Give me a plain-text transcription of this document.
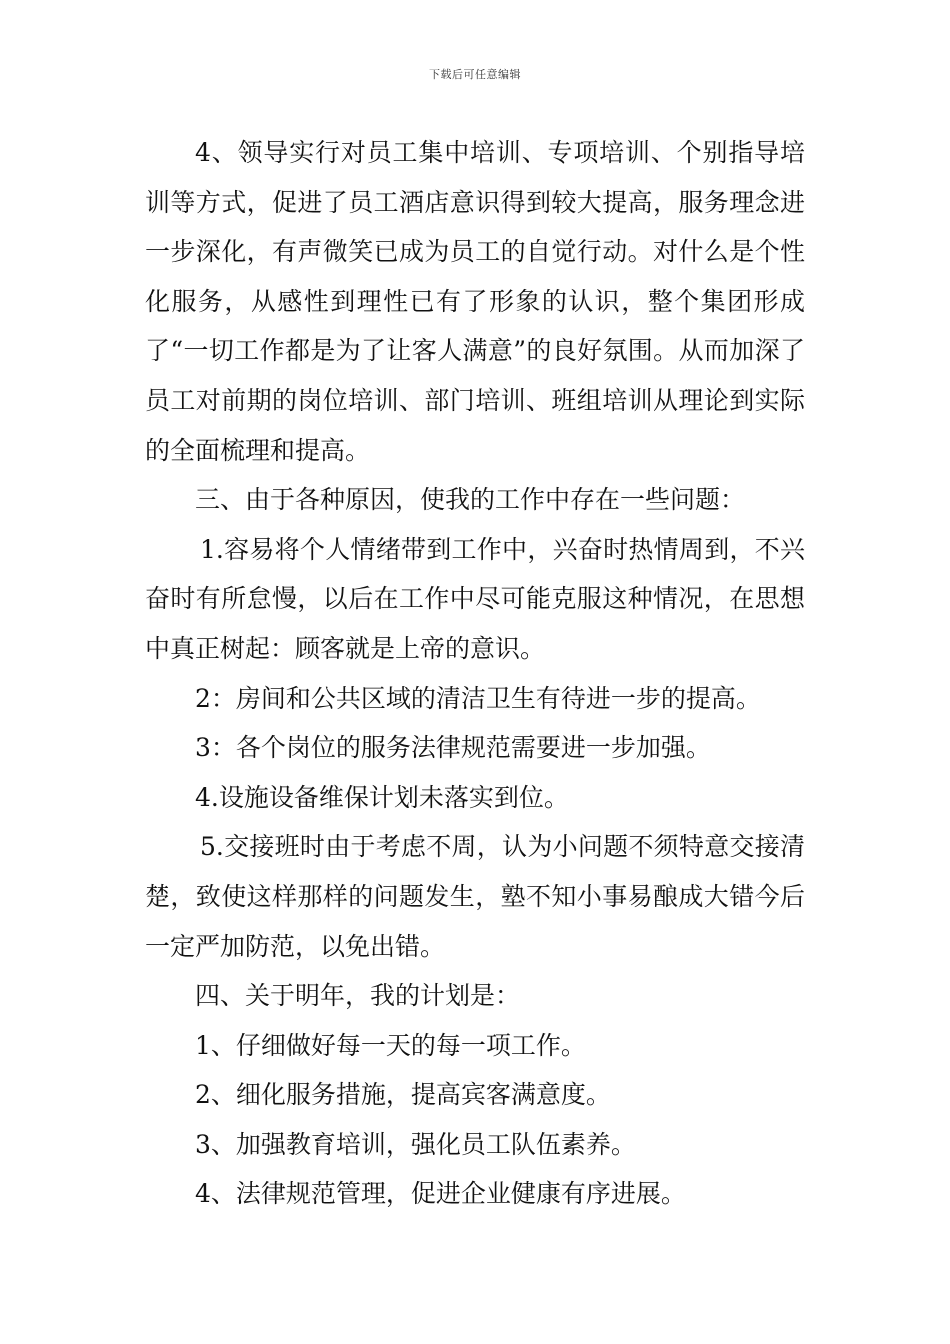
下载后可任意编辑

4、领导实行对员工集中培训、专项培训、个别指导培训等方式，促进了员工酒店意识得到较大提高，服务理念进一步深化，有声微笑已成为员工的自觉行动。对什么是个性化服务，从感性到理性已有了形象的认识，整个集团形成了“一切工作都是为了让客人满意”的良好氛围。从而加深了员工对前期的岗位培训、部门培训、班组培训从理论到实际的全面梳理和提高。

三、由于各种原因，使我的工作中存在一些问题：

1.容易将个人情绪带到工作中，兴奋时热情周到，不兴奋时有所怠慢，以后在工作中尽可能克服这种情况，在思想中真正树起：顾客就是上帝的意识。

2：房间和公共区域的清洁卫生有待进一步的提高。

3：各个岗位的服务法律规范需要进一步加强。

4.设施设备维保计划未落实到位。

5.交接班时由于考虑不周，认为小问题不须特意交接清楚，致使这样那样的问题发生，塾不知小事易酿成大错今后一定严加防范，以免出错。

四、关于明年，我的计划是：

1、仔细做好每一天的每一项工作。

2、细化服务措施，提高宾客满意度。

3、加强教育培训，强化员工队伍素养。

4、法律规范管理，促进企业健康有序进展。
